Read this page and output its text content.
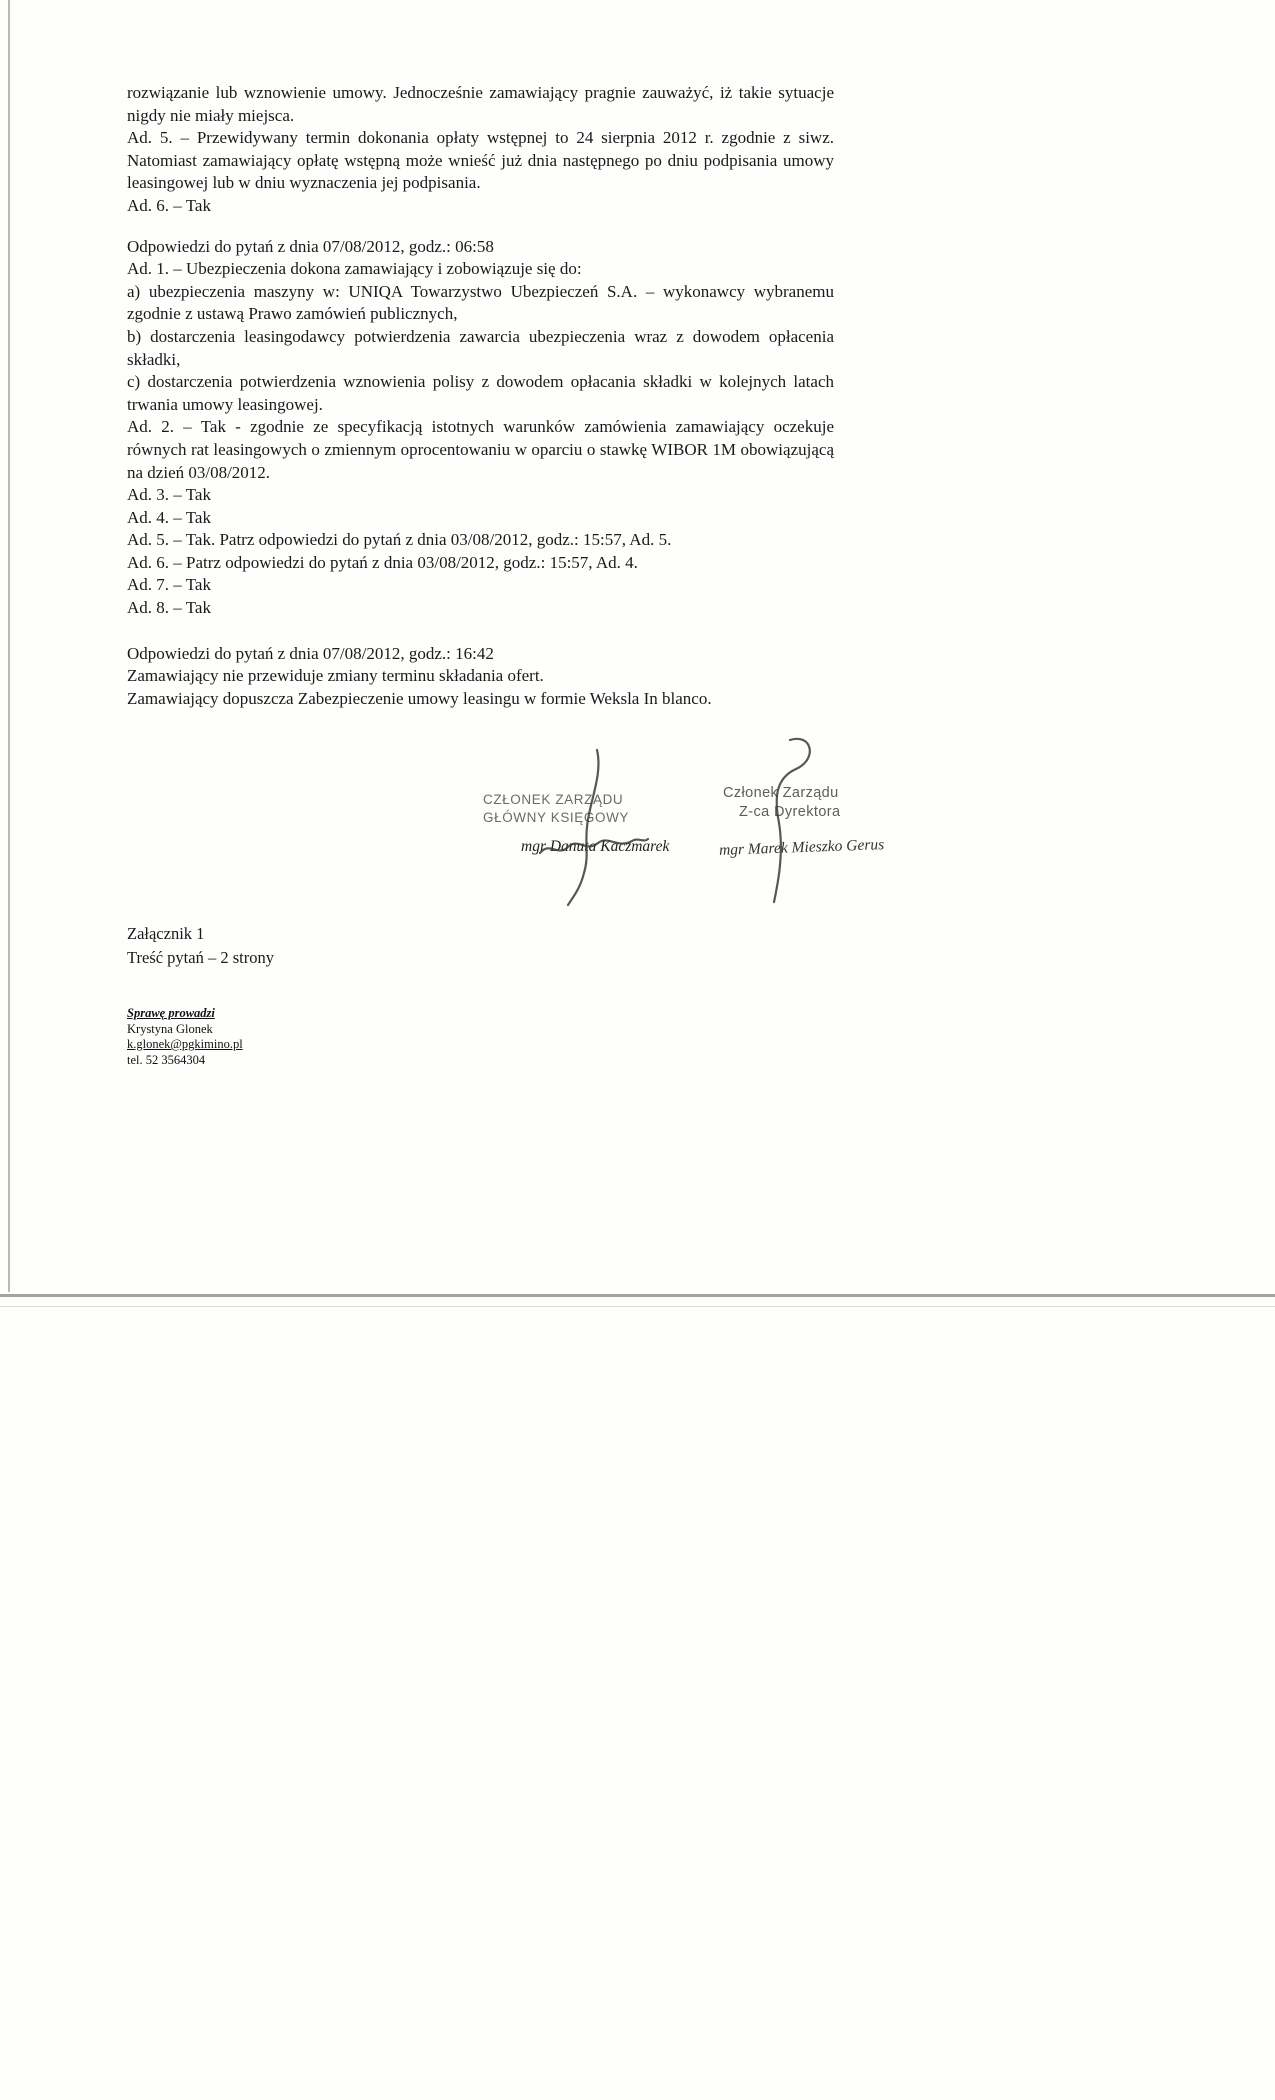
rozwiązanie lub wznowienie umowy. Jednocześnie zamawiający pragnie zauważyć, iż takie sytuacje nigdy nie miały miejsca.

Ad. 5. – Przewidywany termin dokonania opłaty wstępnej to 24 sierpnia 2012 r. zgodnie z siwz. Natomiast zamawiający opłatę wstępną może wnieść już dnia następnego po dniu podpisania umowy leasingowej lub w dniu wyznaczenia jej podpisania.

Ad. 6. – Tak

Odpowiedzi do pytań z dnia 07/08/2012, godz.: 06:58

Ad. 1. – Ubezpieczenia dokona zamawiający i zobowiązuje się do:

a) ubezpieczenia maszyny w: UNIQA Towarzystwo Ubezpieczeń S.A. – wykonawcy wybranemu zgodnie z ustawą Prawo zamówień publicznych,

b) dostarczenia leasingodawcy potwierdzenia zawarcia ubezpieczenia wraz z dowodem opłacenia składki,

c) dostarczenia potwierdzenia wznowienia polisy z dowodem opłacania składki w kolejnych latach trwania umowy leasingowej.

Ad. 2. – Tak - zgodnie ze specyfikacją istotnych warunków zamówienia zamawiający oczekuje równych rat leasingowych o zmiennym oprocentowaniu w oparciu o stawkę WIBOR 1M obowiązującą na dzień 03/08/2012.

Ad. 3. – Tak

Ad. 4. – Tak

Ad. 5. – Tak. Patrz odpowiedzi do pytań z dnia 03/08/2012, godz.: 15:57, Ad. 5.

Ad. 6. – Patrz odpowiedzi do pytań z dnia 03/08/2012, godz.: 15:57, Ad. 4.

Ad. 7. – Tak

Ad. 8. – Tak

Odpowiedzi do pytań z dnia 07/08/2012, godz.: 16:42

Zamawiający nie przewiduje zmiany terminu składania ofert.

Zamawiający dopuszcza Zabezpieczenie umowy leasingu w formie Weksla In blanco.

CZŁONEK ZARZĄDU
GŁÓWNY KSIĘGOWY
mgr Danuta Kaczmarek
Członek Zarządu
Z-ca Dyrektora
mgr Marek Mieszko Gerus
Załącznik 1
Treść pytań – 2 strony
Sprawę prowadzi
Krystyna Glonek
k.glonek@pgkimino.pl
tel. 52 3564304
